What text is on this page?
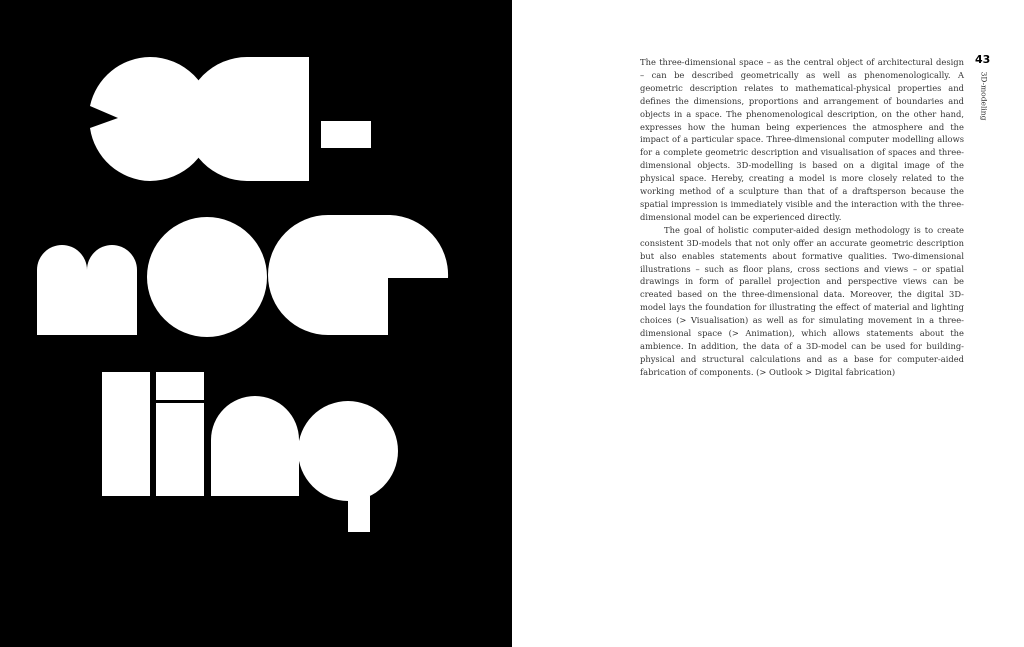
The three-dimensional space – as the central object of architectural design – can be described geometrically as well as phenomenologically. A geometric description relates to mathematical-physical properties and defines the dimensions, proportions and arrangement of boundaries and objects in a space. The phenomenological description, on the other hand, expresses how the human being experiences the atmosphere and the impact of a particular space. Three-dimensional computer modelling allows for a complete geometric description and visualisation of spaces and three-dimensional objects. 3D-modelling is based on a digital image of the physical space. Hereby, creating a model is more closely related to the working method of a sculpture than that of a draftsperson because the spatial impression is immediately visible and the interaction with the three-dimensional model can be experienced directly.

The goal of holistic computer-aided design methodology is to create consistent 3D-models that not only offer an accurate geometric description but also enables statements about formative qualities. Two-dimensional illustrations – such as floor plans, cross sections and views – or spatial drawings in form of parallel projection and perspective views can be created based on the three-dimensional data. Moreover, the digital 3D-model lays the foundation for illustrating the effect of material and lighting choices (> Visualisation) as well as for simulating movement in a three-dimensional space (> Animation), which allows statements about the ambience. In addition, the data of a 3D-model can be used for building-physical and structural calculations and as a base for computer-aided fabrication of components. (> Outlook > Digital fabrication)

43
3D-modeling
